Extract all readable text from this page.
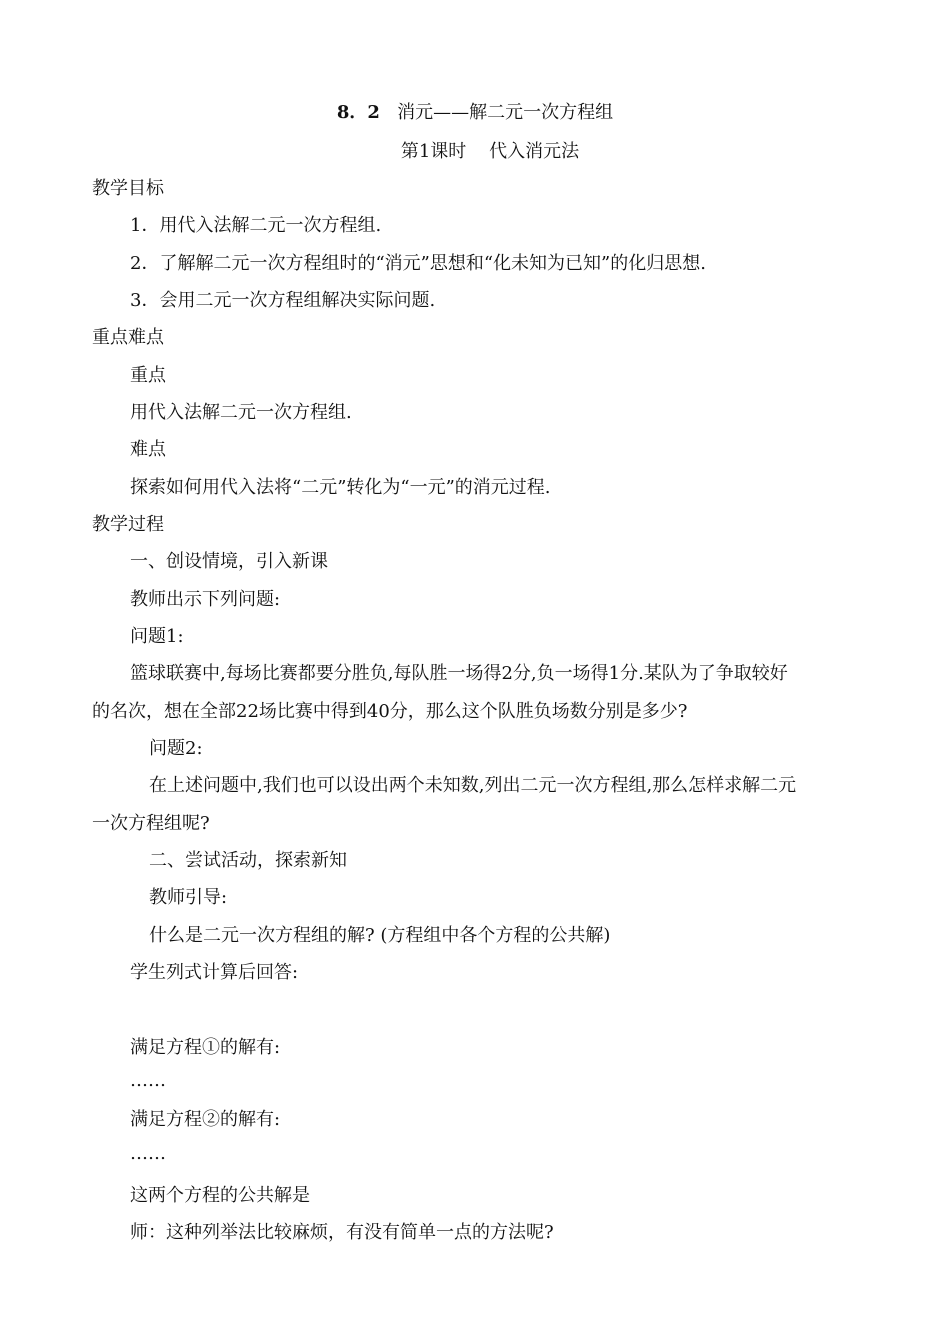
8．2 消元——解二元一次方程组
第1课时 代入消元法
教学目标
1．用代入法解二元一次方程组.
2．了解解二元一次方程组时的“消元”思想和“化未知为已知”的化归思想.
3．会用二元一次方程组解决实际问题.
重点难点
重点
用代入法解二元一次方程组.
难点
探索如何用代入法将“二元”转化为“一元”的消元过程.
教学过程
一、创设情境，引入新课
教师出示下列问题:
问题1:
篮球联赛中,每场比赛都要分胜负,每队胜一场得2分,负一场得1分.某队为了争取较好
的名次，想在全部22场比赛中得到40分，那么这个队胜负场数分别是多少?
问题2:
在上述问题中,我们也可以设出两个未知数,列出二元一次方程组,那么怎样求解二元
一次方程组呢?
二、尝试活动，探索新知
教师引导:
什么是二元一次方程组的解? (方程组中各个方程的公共解)
学生列式计算后回答:
满足方程①的解有:
……
满足方程②的解有:
……
这两个方程的公共解是
师：这种列举法比较麻烦，有没有简单一点的方法呢?
